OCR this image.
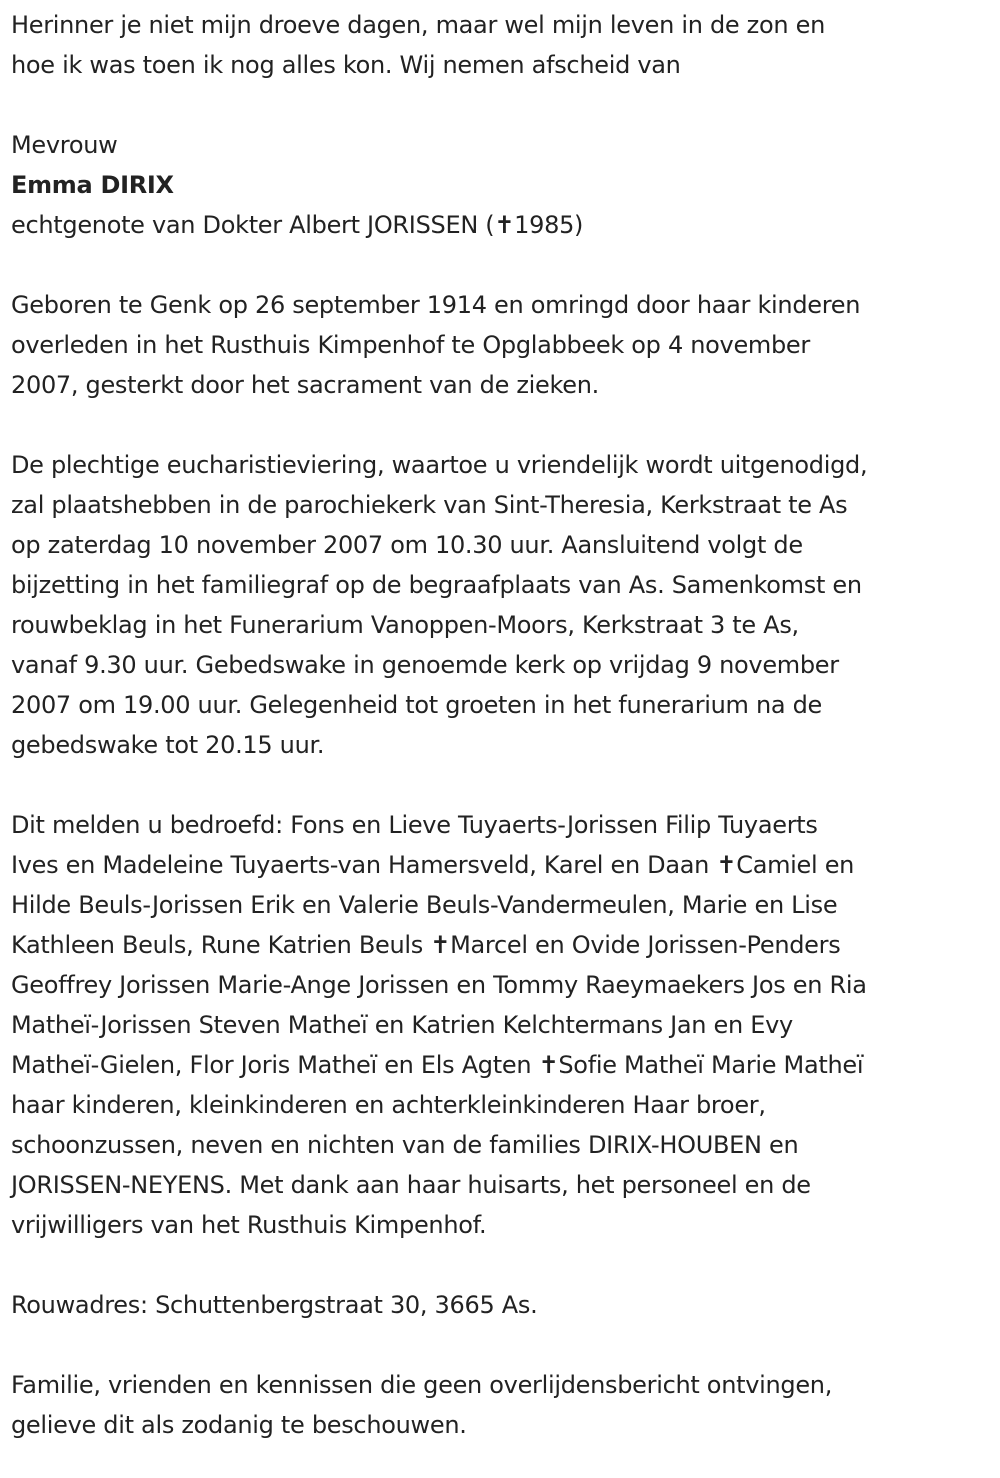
Herinner je niet mijn droeve dagen, maar wel mijn leven in de zon en

hoe ik was toen ik nog alles kon. Wij nemen afscheid van

Mevrouw

Emma DIRIX

echtgenote van Dokter Albert JORISSEN (✝1985)

Geboren te Genk op 26 september 1914 en omringd door haar kinderen

overleden in het Rusthuis Kimpenhof te Opglabbeek op 4 november

2007, gesterkt door het sacrament van de zieken.

De plechtige eucharistieviering, waartoe u vriendelijk wordt uitgenodigd,

zal plaatshebben in de parochiekerk van Sint-Theresia, Kerkstraat te As

op zaterdag 10 november 2007 om 10.30 uur. Aansluitend volgt de

bijzetting in het familiegraf op de begraafplaats van As. Samenkomst en

rouwbeklag in het Funerarium Vanoppen-Moors, Kerkstraat 3 te As,

vanaf 9.30 uur. Gebedswake in genoemde kerk op vrijdag 9 november

2007 om 19.00 uur. Gelegenheid tot groeten in het funerarium na de

gebedswake tot 20.15 uur.

Dit melden u bedroefd: Fons en Lieve Tuyaerts-Jorissen Filip Tuyaerts

Ives en Madeleine Tuyaerts-van Hamersveld, Karel en Daan ✝Camiel en

Hilde Beuls-Jorissen Erik en Valerie Beuls-Vandermeulen, Marie en Lise

Kathleen Beuls, Rune Katrien Beuls ✝Marcel en Ovide Jorissen-Penders

Geoffrey Jorissen Marie-Ange Jorissen en Tommy Raeymaekers Jos en Ria

Matheï-Jorissen Steven Matheï en Katrien Kelchtermans Jan en Evy

Matheï-Gielen, Flor Joris Matheï en Els Agten ✝Sofie Matheï Marie Matheï

haar kinderen, kleinkinderen en achterkleinkinderen Haar broer,

schoonzussen, neven en nichten van de families DIRIX-HOUBEN en

JORISSEN-NEYENS. Met dank aan haar huisarts, het personeel en de

vrijwilligers van het Rusthuis Kimpenhof.

Rouwadres: Schuttenbergstraat 30, 3665 As.

Familie, vrienden en kennissen die geen overlijdensbericht ontvingen,

gelieve dit als zodanig te beschouwen.
